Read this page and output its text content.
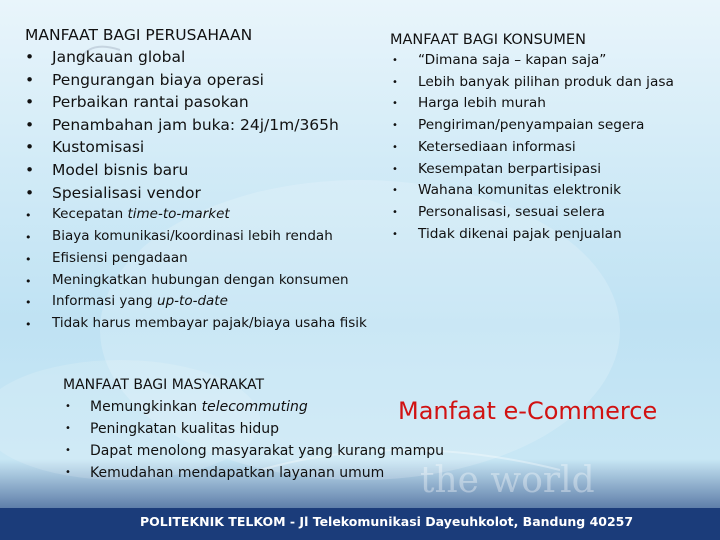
the world
MANFAAT BAGI PERUSAHAAN
• Jangkauan global
• Pengurangan biaya operasi
• Perbaikan rantai pasokan
• Penambahan jam buka: 24j/1m/365h
• Kustomisasi
• Model bisnis baru
• Spesialisasi vendor
• Kecepatan time-to-market
• Biaya komunikasi/koordinasi lebih rendah
• Efisiensi pengadaan
• Meningkatkan hubungan dengan konsumen
• Informasi yang up-to-date
• Tidak harus membayar pajak/biaya usaha fisik
MANFAAT BAGI KONSUMEN
• “Dimana saja – kapan saja”
• Lebih banyak pilihan produk dan jasa
• Harga lebih murah
• Pengiriman/penyampaian segera
• Ketersediaan informasi
• Kesempatan berpartisipasi
• Wahana komunitas elektronik
• Personalisasi, sesuai selera
• Tidak dikenai pajak penjualan
MANFAAT BAGI MASYARAKAT
• Memungkinkan telecommuting
• Peningkatan kualitas hidup
• Dapat menolong masyarakat yang kurang mampu
• Kemudahan mendapatkan layanan umum
Manfaat e-Commerce
POLITEKNIK TELKOM - Jl Telekomunikasi Dayeuhkolot, Bandung 40257
